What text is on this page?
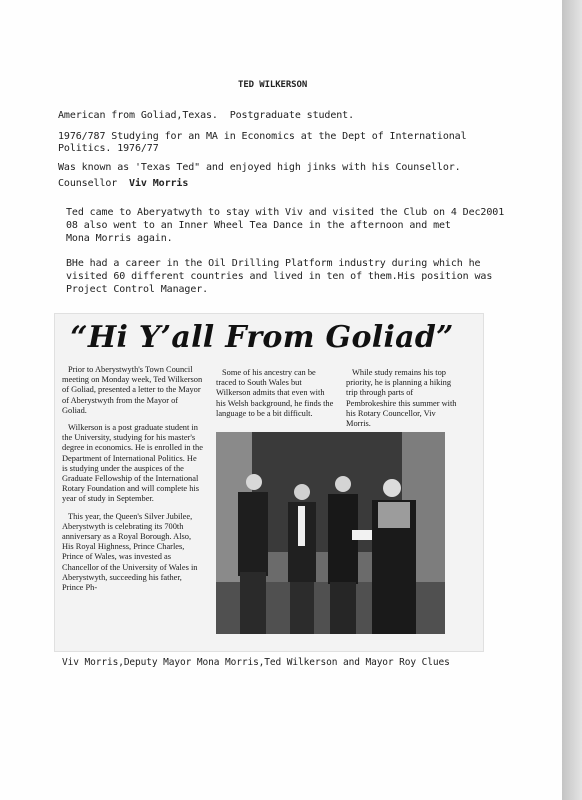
TED WILKERSON
American from Goliad,Texas.  Postgraduate student.
1976/787 Studying for an MA in Economics at the Dept of International
Politics. 1976/77
Was known as 'Texas Ted" and enjoyed high jinks with his Counsellor.
Counsellor  Viv Morris
Ted came to Aberyatwyth to stay with Viv and visited the Club on 4 Dec2001
08 also went to an Inner Wheel Tea Dance in the afternoon and met
Mona Morris again.
BHe had a career in the Oil Drilling Platform industry during which he
visited 60 different countries and lived in ten of them.His position was
Project Control Manager.
“Hi Y’all From Goliad”

Prior to Aberystwyth's Town Council meeting on Monday week, Ted Wilkerson of Goliad, presented a letter to the Mayor of Aberystwyth from the Mayor of Goliad.

Wilkerson is a post graduate student in the University, studying for his master's degree in economics. He is enrolled in the Department of International Politics. He is studying under the auspices of the Graduate Fellowship of the International Rotary Foundation and will complete his year of study in September.

This year, the Queen's Silver Jubilee, Aberystwyth is celebrating its 700th anniversary as a Royal Borough. Also, His Royal Highness, Prince Charles, Prince of Wales, was invested as Chancellor of the University of Wales in Aberystwyth, succeeding his father, Prince Ph-

Some of his ancestry can be traced to South Wales but Wilkerson admits that even with his Welsh background, he finds the language to be a bit difficult.

While study remains his top priority, he is planning a hiking trip through parts of Pembrokeshire this summer with his Rotary Councellor, Viv Morris.

Viv Morris,Deputy Mayor Mona Morris,Ted Wilkerson and Mayor Roy Clues
